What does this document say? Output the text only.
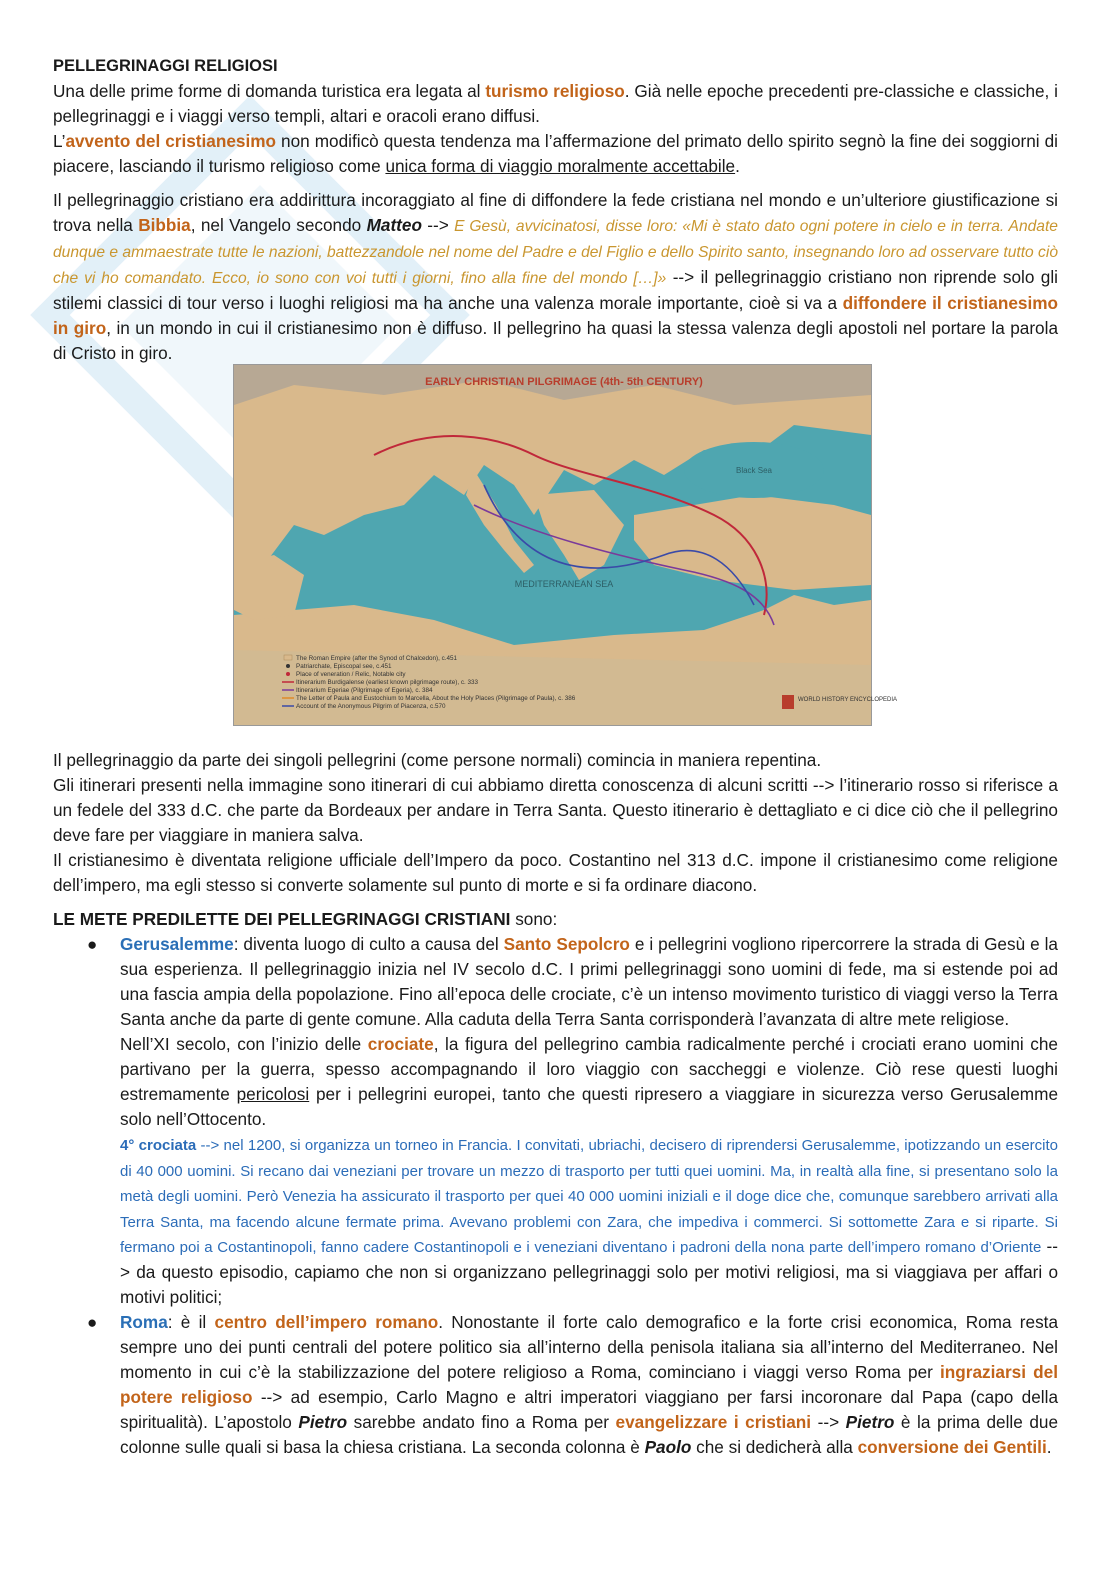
PELLEGRINAGGI RELIGIOSI

Una delle prime forme di domanda turistica era legata al turismo religioso. Già nelle epoche precedenti pre-classiche e classiche, i pellegrinaggi e i viaggi verso templi, altari e oracoli erano diffusi.

L’avvento del cristianesimo non modificò questa tendenza ma l’affermazione del primato dello spirito segnò la fine dei soggiorni di piacere, lasciando il turismo religioso come unica forma di viaggio moralmente accettabile.

Il pellegrinaggio cristiano era addirittura incoraggiato al fine di diffondere la fede cristiana nel mondo e un’ulteriore giustificazione si trova nella Bibbia, nel Vangelo secondo Matteo --> E Gesù, avvicinatosi, disse loro: «Mi è stato dato ogni potere in cielo e in terra. Andate dunque e ammaestrate tutte le nazioni, battezzandole nel nome del Padre e del Figlio e dello Spirito santo, insegnando loro ad osservare tutto ciò che vi ho comandato. Ecco, io sono con voi tutti i giorni, fino alla fine del mondo […]» --> il pellegrinaggio cristiano non riprende solo gli stilemi classici di tour verso i luoghi religiosi ma ha anche una valenza morale importante, cioè si va a diffondere il cristianesimo in giro, in un mondo in cui il cristianesimo non è diffuso. Il pellegrino ha quasi la stessa valenza degli apostoli nel portare la parola di Cristo in giro.

Il pellegrinaggio da parte dei singoli pellegrini (come persone normali) comincia in maniera repentina.

Gli itinerari presenti nella immagine sono itinerari di cui abbiamo diretta conoscenza di alcuni scritti --> l’itinerario rosso si riferisce a un fedele del 333 d.C. che parte da Bordeaux per andare in Terra Santa. Questo itinerario è dettagliato e ci dice ciò che il pellegrino deve fare per viaggiare in maniera salva.

Il cristianesimo è diventata religione ufficiale dell’Impero da poco. Costantino nel 313 d.C. impone il cristianesimo come religione dell’impero, ma egli stesso si converte solamente sul punto di morte e si fa ordinare diacono.

LE METE PREDILETTE DEI PELLEGRINAGGI CRISTIANI sono:

● Gerusalemme: diventa luogo di culto a causa del Santo Sepolcro e i pellegrini vogliono ripercorrere la strada di Gesù e la sua esperienza. Il pellegrinaggio inizia nel IV secolo d.C. I primi pellegrinaggi sono uomini di fede, ma si estende poi ad una fascia ampia della popolazione. Fino all’epoca delle crociate, c’è un intenso movimento turistico di viaggi verso la Terra Santa anche da parte di gente comune. Alla caduta della Terra Santa corrisponderà l’avanzata di altre mete religiose.

Nell’XI secolo, con l’inizio delle crociate, la figura del pellegrino cambia radicalmente perché i crociati erano uomini che partivano per la guerra, spesso accompagnando il loro viaggio con saccheggi e violenze. Ciò rese questi luoghi estremamente pericolosi per i pellegrini europei, tanto che questi ripresero a viaggiare in sicurezza verso Gerusalemme solo nell’Ottocento.

4° crociata --> nel 1200, si organizza un torneo in Francia. I convitati, ubriachi, decisero di riprendersi Gerusalemme, ipotizzando un esercito di 40 000 uomini. Si recano dai veneziani per trovare un mezzo di trasporto per tutti quei uomini. Ma, in realtà alla fine, si presentano solo la metà degli uomini. Però Venezia ha assicurato il trasporto per quei 40 000 uomini iniziali e il doge dice che, comunque sarebbero arrivati alla Terra Santa, ma facendo alcune fermate prima. Avevano problemi con Zara, che impediva i commerci. Si sottomette Zara e si riparte. Si fermano poi a Costantinopoli, fanno cadere Costantinopoli e i veneziani diventano i padroni della nona parte dell’impero romano d’Oriente --> da questo episodio, capiamo che non si organizzano pellegrinaggi solo per motivi religiosi, ma si viaggiava per affari o motivi politici;

● Roma: è il centro dell’impero romano. Nonostante il forte calo demografico e la forte crisi economica, Roma resta sempre uno dei punti centrali del potere politico sia all’interno della penisola italiana sia all’interno del Mediterraneo. Nel momento in cui c’è la stabilizzazione del potere religioso a Roma, cominciano i viaggi verso Roma per ingraziarsi del potere religioso --> ad esempio, Carlo Magno e altri imperatori viaggiano per farsi incoronare dal Papa (capo della spiritualità). L’apostolo Pietro sarebbe andato fino a Roma per evangelizzare i cristiani --> Pietro è la prima delle due colonne sulle quali si basa la chiesa cristiana. La seconda colonna è Paolo che si dedicherà alla conversione dei Gentili.

EARLY CHRISTIAN PILGRIMAGE (4th- 5th CENTURY)
MEDITERRANEAN SEA
Black Sea
The Roman Empire (after the Synod of Chalcedon), c.451
Patriarchate, Episcopal see, c.451
Place of veneration / Relic, Notable city
Itinerarium Burdigalense (earliest known pilgrimage route), c. 333
Itinerarium Egeriae (Pilgrimage of Egeria), c. 384
The Letter of Paula and Eustochium to Marcella, About the Holy Places (Pilgrimage of Paula), c. 386
Account of the Anonymous Pilgrim of Piacenza, c.570
WORLD HISTORY ENCYCLOPEDIA
